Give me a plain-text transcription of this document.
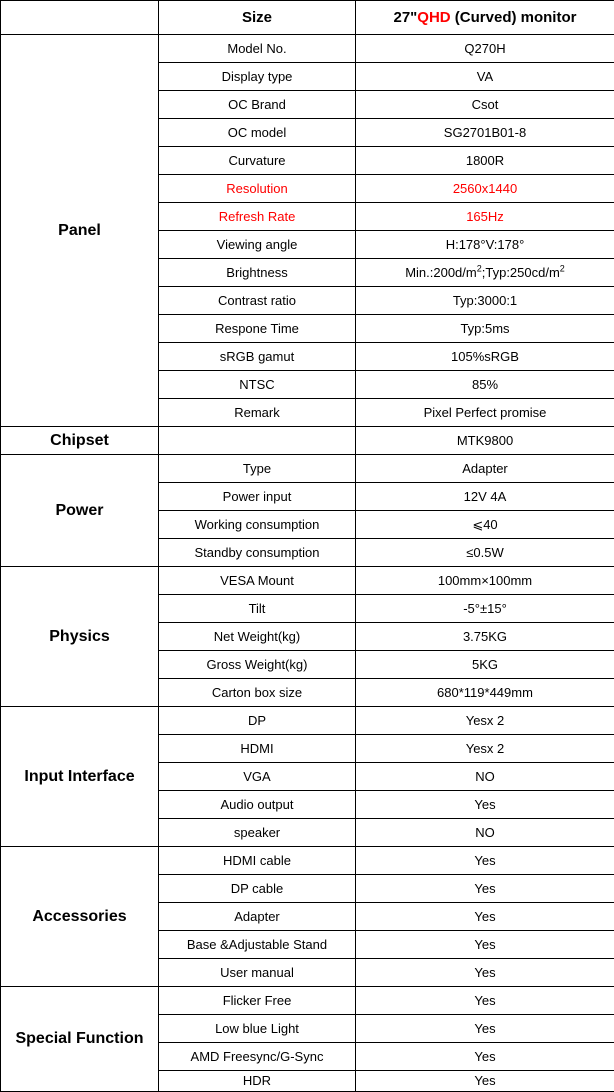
	Size	27"QHD (Curved) monitor
Panel	Model No.	Q270H
	Display type	VA
	OC Brand	Csot
	OC model	SG2701B01-8
	Curvature	1800R
	Resolution	2560x1440
	Refresh Rate	165Hz
	Viewing angle	H:178°V:178°
	Brightness	$Min.:200d/m^2;Typ:250cd/m^2$
	Contrast ratio	Typ:3000:1
	Respone Time	Typ:5ms
	sRGB gamut	105%sRGB
	NTSC	85%
	Remark	Pixel Perfect promise
Chipset		MTK9800
Power	Type	Adapter
	Power input	12V 4A
	Working consumption	⩽40
	Standby consumption	≤0.5W
Physics	VESA Mount	100mm×100mm
	Tilt	-5°±15°
	Net Weight(kg)	3.75KG
	Gross Weight(kg)	5KG
	Carton box size	680*119*449mm
Input Interface	DP	Yesx 2
	HDMI	Yesx 2
	VGA	NO
	Audio output	Yes
	speaker	NO
Accessories	HDMI cable	Yes
	DP cable	Yes
	Adapter	Yes
	Base &Adjustable Stand	Yes
	User manual	Yes
Special Function	Flicker Free	Yes
	Low blue Light	Yes
	AMD Freesync/G-Sync	Yes
	HDR	Yes
